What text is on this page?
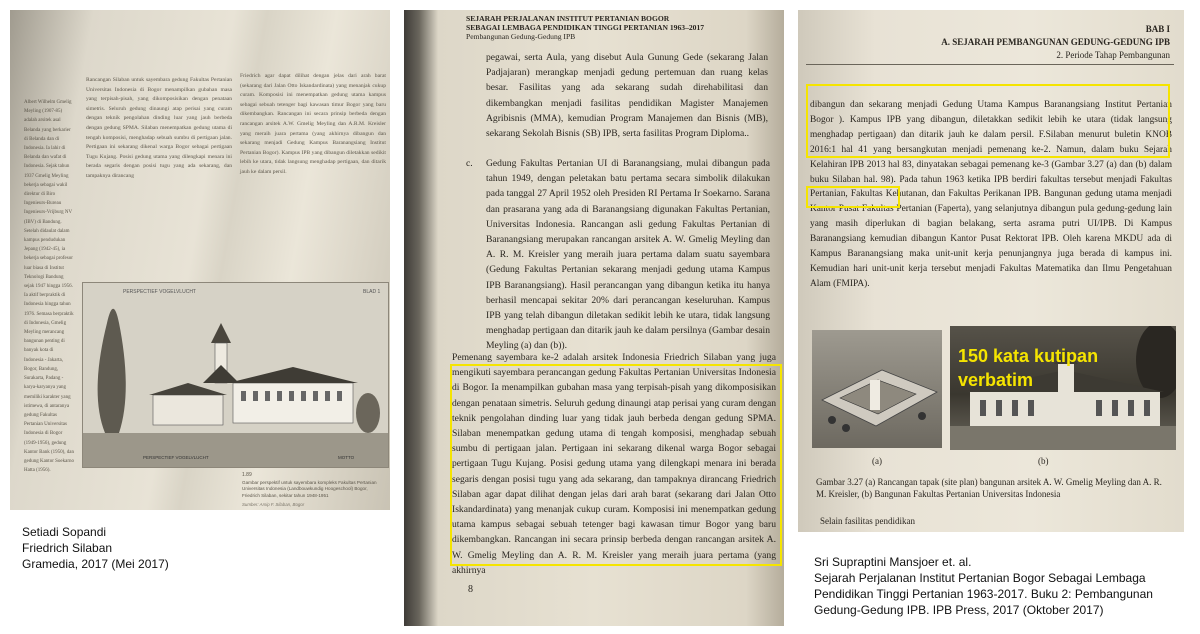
Albert Wilhelm Gmelig Meyling (1907-85) adalah arsitek asal Belanda yang berkarier di Belanda dan di Indonesia. Ia lahir di Belanda dan wafat di Indonesia. Sejak tahun 1937 Gmelig Meyling bekerja sebagai wakil direktur di Biro Ingenieurs-Bureau Ingenieurs-Vrijburg NV (IBV) di Bandung. Setelah didaulat dalam kampus pendudukan Jepang (1942-45), ia bekerja sebagai profesor luar biasa di Institut Teknologi Bandung sejak 1947 hingga 1956. Ia aktif berpraktik di Indonesia hingga tahun 1976. Semasa berpraktik di Indonesia, Gmelig Meyling merancang bangunan penting di banyak kota di Indonesia - Jakarta, Bogor, Bandung, Surakarta, Padang - karya-karyanya yang memiliki karakter yang istimewa, di antaranya gedung Fakultas Pertanian Universitas Indonesia di Bogor (1949-1956), gedung Kantor Bank (1950), dan gedung Kantor Soekarno Hatta (1956).
Rancangan Silaban untuk sayembara gedung Fakultas Pertanian Universitas Indonesia di Bogor menampilkan gubahan masa yang terpisah-pisah, yang dikomposisikan dengan penataan simetris. Seluruh gedung dinaungi atap perisai yang curam dengan teknik pengolahan dinding luar yang jauh berbeda dengan gedung SPMA. Silaban menempatkan gedung utama di tengah komposisi, menghadap sebuah sumbu di pertigaan jalan. Pertigaan ini sekarang dikenal warga Bogor sebagai pertigaan Tugu Kujang. Posisi gedung utama yang dilengkapi menara ini berada segaris dengan posisi tugu yang ada sekarang, dan tampaknya dirancang
Friedrich agar dapat dilihat dengan jelas dari arah barat (sekarang dari Jalan Otto Iskandardinata) yang menanjak cukup curam. Komposisi ini menempatkan gedung utama kampus sebagai sebuah tetenger bagi kawasan timur Bogor yang baru dikembangkan. Rancangan ini secara prinsip berbeda dengan rancangan arsitek A.W. Gmelig Meyling dan A.R.M. Kreisler yang meraih juara pertama (yang akhirnya dibangun dan sekarang menjadi Gedung Kampus Baranangsiang Institut Pertanian Bogor). Kampus IPB yang dibangun diletakkan sedikit lebih ke utara, tidak langsung menghadap pertigaan, dan ditarik jauh ke dalam persil.
PERSPECTIEF VOGELVLUCHT	BLAD 1
PERSPECTIEF VOGELVLUCHT	MOTTO
1.89
Gambar perspektif untuk sayembara kompleks Fakultas Pertanian Universitas Indonesia (Landbouwkundig Hoogeschool) Bogor, Friedrich Silaban, sekitar tahun 1948-1951
Sumber: Arsip F. Silaban, Bogor
SEJARAH PERJALANAN INSTITUT PERTANIAN BOGOR
SEBAGAI LEMBAGA PENDIDIKAN TINGGI PERTANIAN 1963–2017
Pembangunan Gedung-Gedung IPB
pegawai, serta Aula, yang disebut Aula Gunung Gede (sekarang Jalan Padjajaran) merangkap menjadi gedung pertemuan dan ruang kelas besar. Fasilitas yang ada sekarang sudah direhabilitasi dan dikembangkan menjadi fasilitas pendidikan Magister Manajemen Agribisnis (MMA), kemudian Program Manajemen dan Bisnis (MB), sekarang Sekolah Bisnis (SB) IPB, serta fasilitas Program Diploma..
c.	Gedung Fakultas Pertanian UI di Baranangsiang, mulai dibangun pada tahun 1949, dengan peletakan batu pertama secara simbolik dilakukan pada tanggal 27 April 1952 oleh Presiden RI Pertama Ir Soekarno. Sarana dan prasarana yang ada di Baranangsiang digunakan Fakultas Pertanian, Universitas Indonesia. Rancangan asli gedung Fakultas Pertanian di Baranangsiang merupakan rancangan arsitek A. W. Gmelig Meyling dan A. R. M. Kreisler yang meraih juara pertama dalam suatu sayembara (Gedung Fakultas Pertanian sekarang menjadi gedung utama Kampus IPB Baranangsiang). Hasil perancangan yang dibangun ketika itu hanya berhasil mencapai sekitar 20% dari perancangan keseluruhan. Kampus IPB yang telah dibangun diletakan sedikit lebih ke utara, tidak langsung menghadap pertigaan dan ditarik jauh ke dalam persilnya (Gambar desain Meyling (a) dan (b)).
Pemenang sayembara ke-2 adalah arsitek Indonesia Friedrich Silaban yang juga mengikuti sayembara perancangan gedung Fakultas Pertanian Universitas Indonesia di Bogor. Ia menampilkan gubahan masa yang terpisah-pisah yang dikomposisikan dengan penataan simetris. Seluruh gedung dinaungi atap perisai yang curam dengan teknik pengolahan dinding luar yang tidak jauh berbeda dengan gedung SPMA. Silaban menempatkan gedung utama di tengah komposisi, menghadap sebuah sumbu di pertigaan jalan. Pertigaan ini sekarang dikenal warga Bogor sebagai pertigaan Tugu Kujang. Posisi gedung utama yang dilengkapi menara ini berada segaris dengan posisi tugu yang ada sekarang, dan tampaknya dirancang Friedrich Silaban agar dapat dilihat dengan jelas dari arah barat (sekarang dari Jalan Otto Iskandardinata) yang menanjak cukup curam. Komposisi ini menempatkan gedung utama kampus sebagai sebuah tetenger bagi kawasan timur Bogor yang baru dikembangkan. Rancangan ini secara prinsip berbeda dengan rancangan arsitek A. W. Gmelig Meyling dan A. R. M. Kreisler yang meraih juara pertama (yang akhirnya
8
BAB I
A. SEJARAH PEMBANGUNAN GEDUNG-GEDUNG IPB
2. Periode Tahap Pembangunan
dibangun dan sekarang menjadi Gedung Utama Kampus Baranangsiang Institut Pertanian Bogor ). Kampus IPB yang dibangun, diletakkan sedikit lebih ke utara (tidak langsung menghadap pertigaan) dan ditarik jauh ke dalam persil. F.Silaban menurut buletin KNOB 2016:1 hal 41 yang bersangkutan menjadi pemenang ke-2. Namun, dalam buku Sejarah Kelahiran IPB 2013 hal 83, dinyatakan sebagai pemenang ke-3 (Gambar 3.27 (a) dan (b) dalam buku Silaban hal. 98). Pada tahun 1963 ketika IPB berdiri fakultas tersebut menjadi Fakultas Pertanian, Fakultas Kehutanan, dan Fakultas Perikanan IPB. Bangunan gedung utama menjadi Kantor Pusat Fakultas Pertanian (Faperta), yang selanjutnya dibangun pula gedung-gedung lain yang masih diperlukan di bagian belakang, serta asrama putri UI/IPB. Di Kampus Baranangsiang kemudian dibangun Kantor Pusat Rektorat IPB. Oleh karena MKDU ada di Kampus Baranangsiang maka unit-unit kerja penunjangnya juga berada di kampus ini. Kemudian hari unit-unit kerja tersebut menjadi Fakultas Matematika dan Ilmu Pengetahuan Alam (FMIPA).
150 kata kutipan
verbatim
(a)	(b)
Gambar 3.27 (a) Rancangan tapak (site plan) bangunan arsitek A. W. Gmelig Meyling dan A. R. M. Kreisler, (b) Bangunan Fakultas Pertanian Universitas Indonesia
Selain fasilitas pendidikan
Setiadi Sopandi
Friedrich Silaban
Gramedia, 2017 (Mei 2017)	Sri Supraptini Mansjoer et. al.
Sejarah Perjalanan Institut Pertanian Bogor Sebagai Lembaga
Pendidikan Tinggi Pertanian 1963-2017. Buku 2: Pembangunan
Gedung-Gedung IPB. IPB Press, 2017 (Oktober 2017)
